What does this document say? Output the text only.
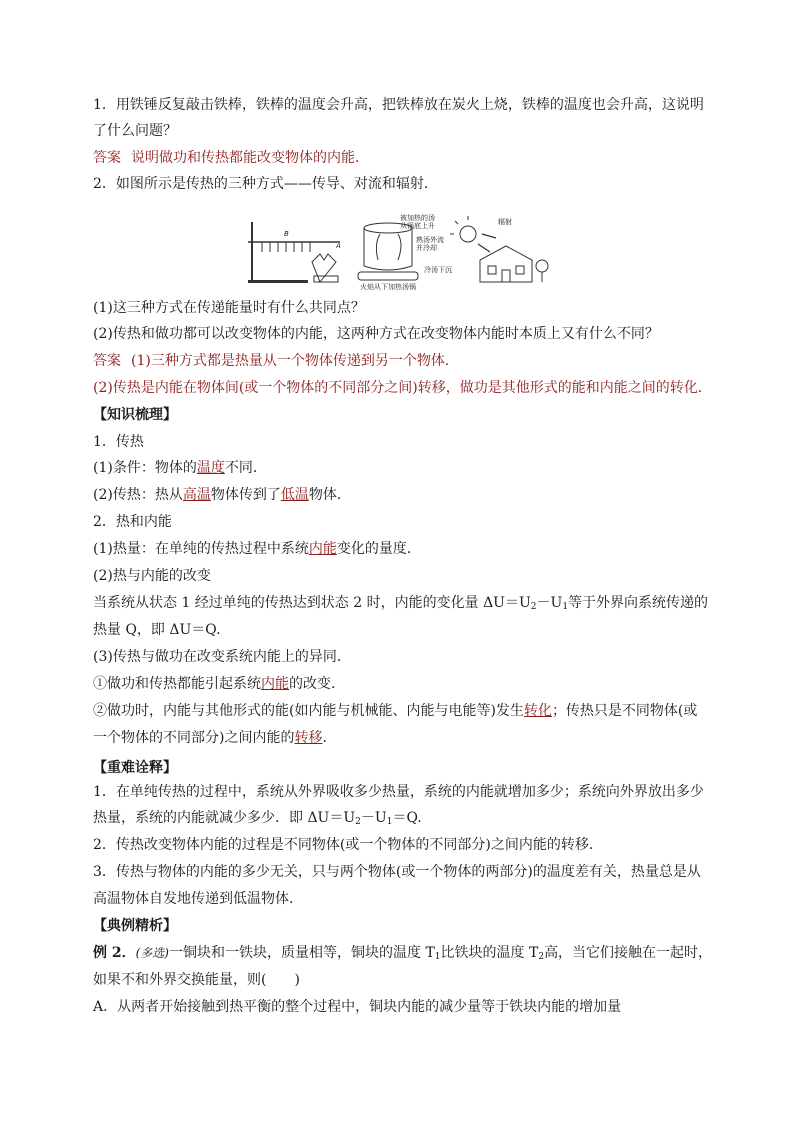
1．用铁锤反复敲击铁棒，铁棒的温度会升高，把铁棒放在炭火上烧，铁棒的温度也会升高，这说明
了什么问题？
答案 说明做功和传热都能改变物体的内能．
2．如图所示是传热的三种方式——传导、对流和辐射．
B
A
被加热的汤
从锅底上升
熟汤外流
并冷却
冷汤下沉
火焰从下加热汤锅
辐射
(1)这三种方式在传递能量时有什么共同点？
(2)传热和做功都可以改变物体的内能，这两种方式在改变物体内能时本质上又有什么不同？
答案 (1)三种方式都是热量从一个物体传递到另一个物体．
(2)传热是内能在物体间(或一个物体的不同部分之间)转移，做功是其他形式的能和内能之间的转化．
【知识梳理】
1．传热
(1)条件：物体的温度不同．
(2)传热：热从高温物体传到了低温物体．
2．热和内能
(1)热量：在单纯的传热过程中系统内能变化的量度．
(2)热与内能的改变
当系统从状态 1 经过单纯的传热达到状态 2 时，内能的变化量 $\Delta U=U_2-U_1$等于外界向系统传递的
热量 Q，即 ΔU＝Q.
(3)传热与做功在改变系统内能上的异同．
①做功和传热都能引起系统内能的改变．
②做功时，内能与其他形式的能(如内能与机械能、内能与电能等)发生转化；传热只是不同物体(或
一个物体的不同部分)之间内能的转移．
【重难诠释】
1．在单纯传热的过程中，系统从外界吸收多少热量，系统的内能就增加多少；系统向外界放出多少
热量，系统的内能就减少多少．即 $\Delta U=U_2-U_1=Q$.
2．传热改变物体内能的过程是不同物体(或一个物体的不同部分)之间内能的转移．
3．传热与物体的内能的多少无关，只与两个物体(或一个物体的两部分)的温度差有关，热量总是从
高温物体自发地传递到低温物体．
【典例精析】
例 2．(多选)一铜块和一铁块，质量相等，铜块的温度 $T_1$比铁块的温度 $T_2$高，当它们接触在一起时，
如果不和外界交换能量，则(　　)
A．从两者开始接触到热平衡的整个过程中，铜块内能的减少量等于铁块内能的增加量
